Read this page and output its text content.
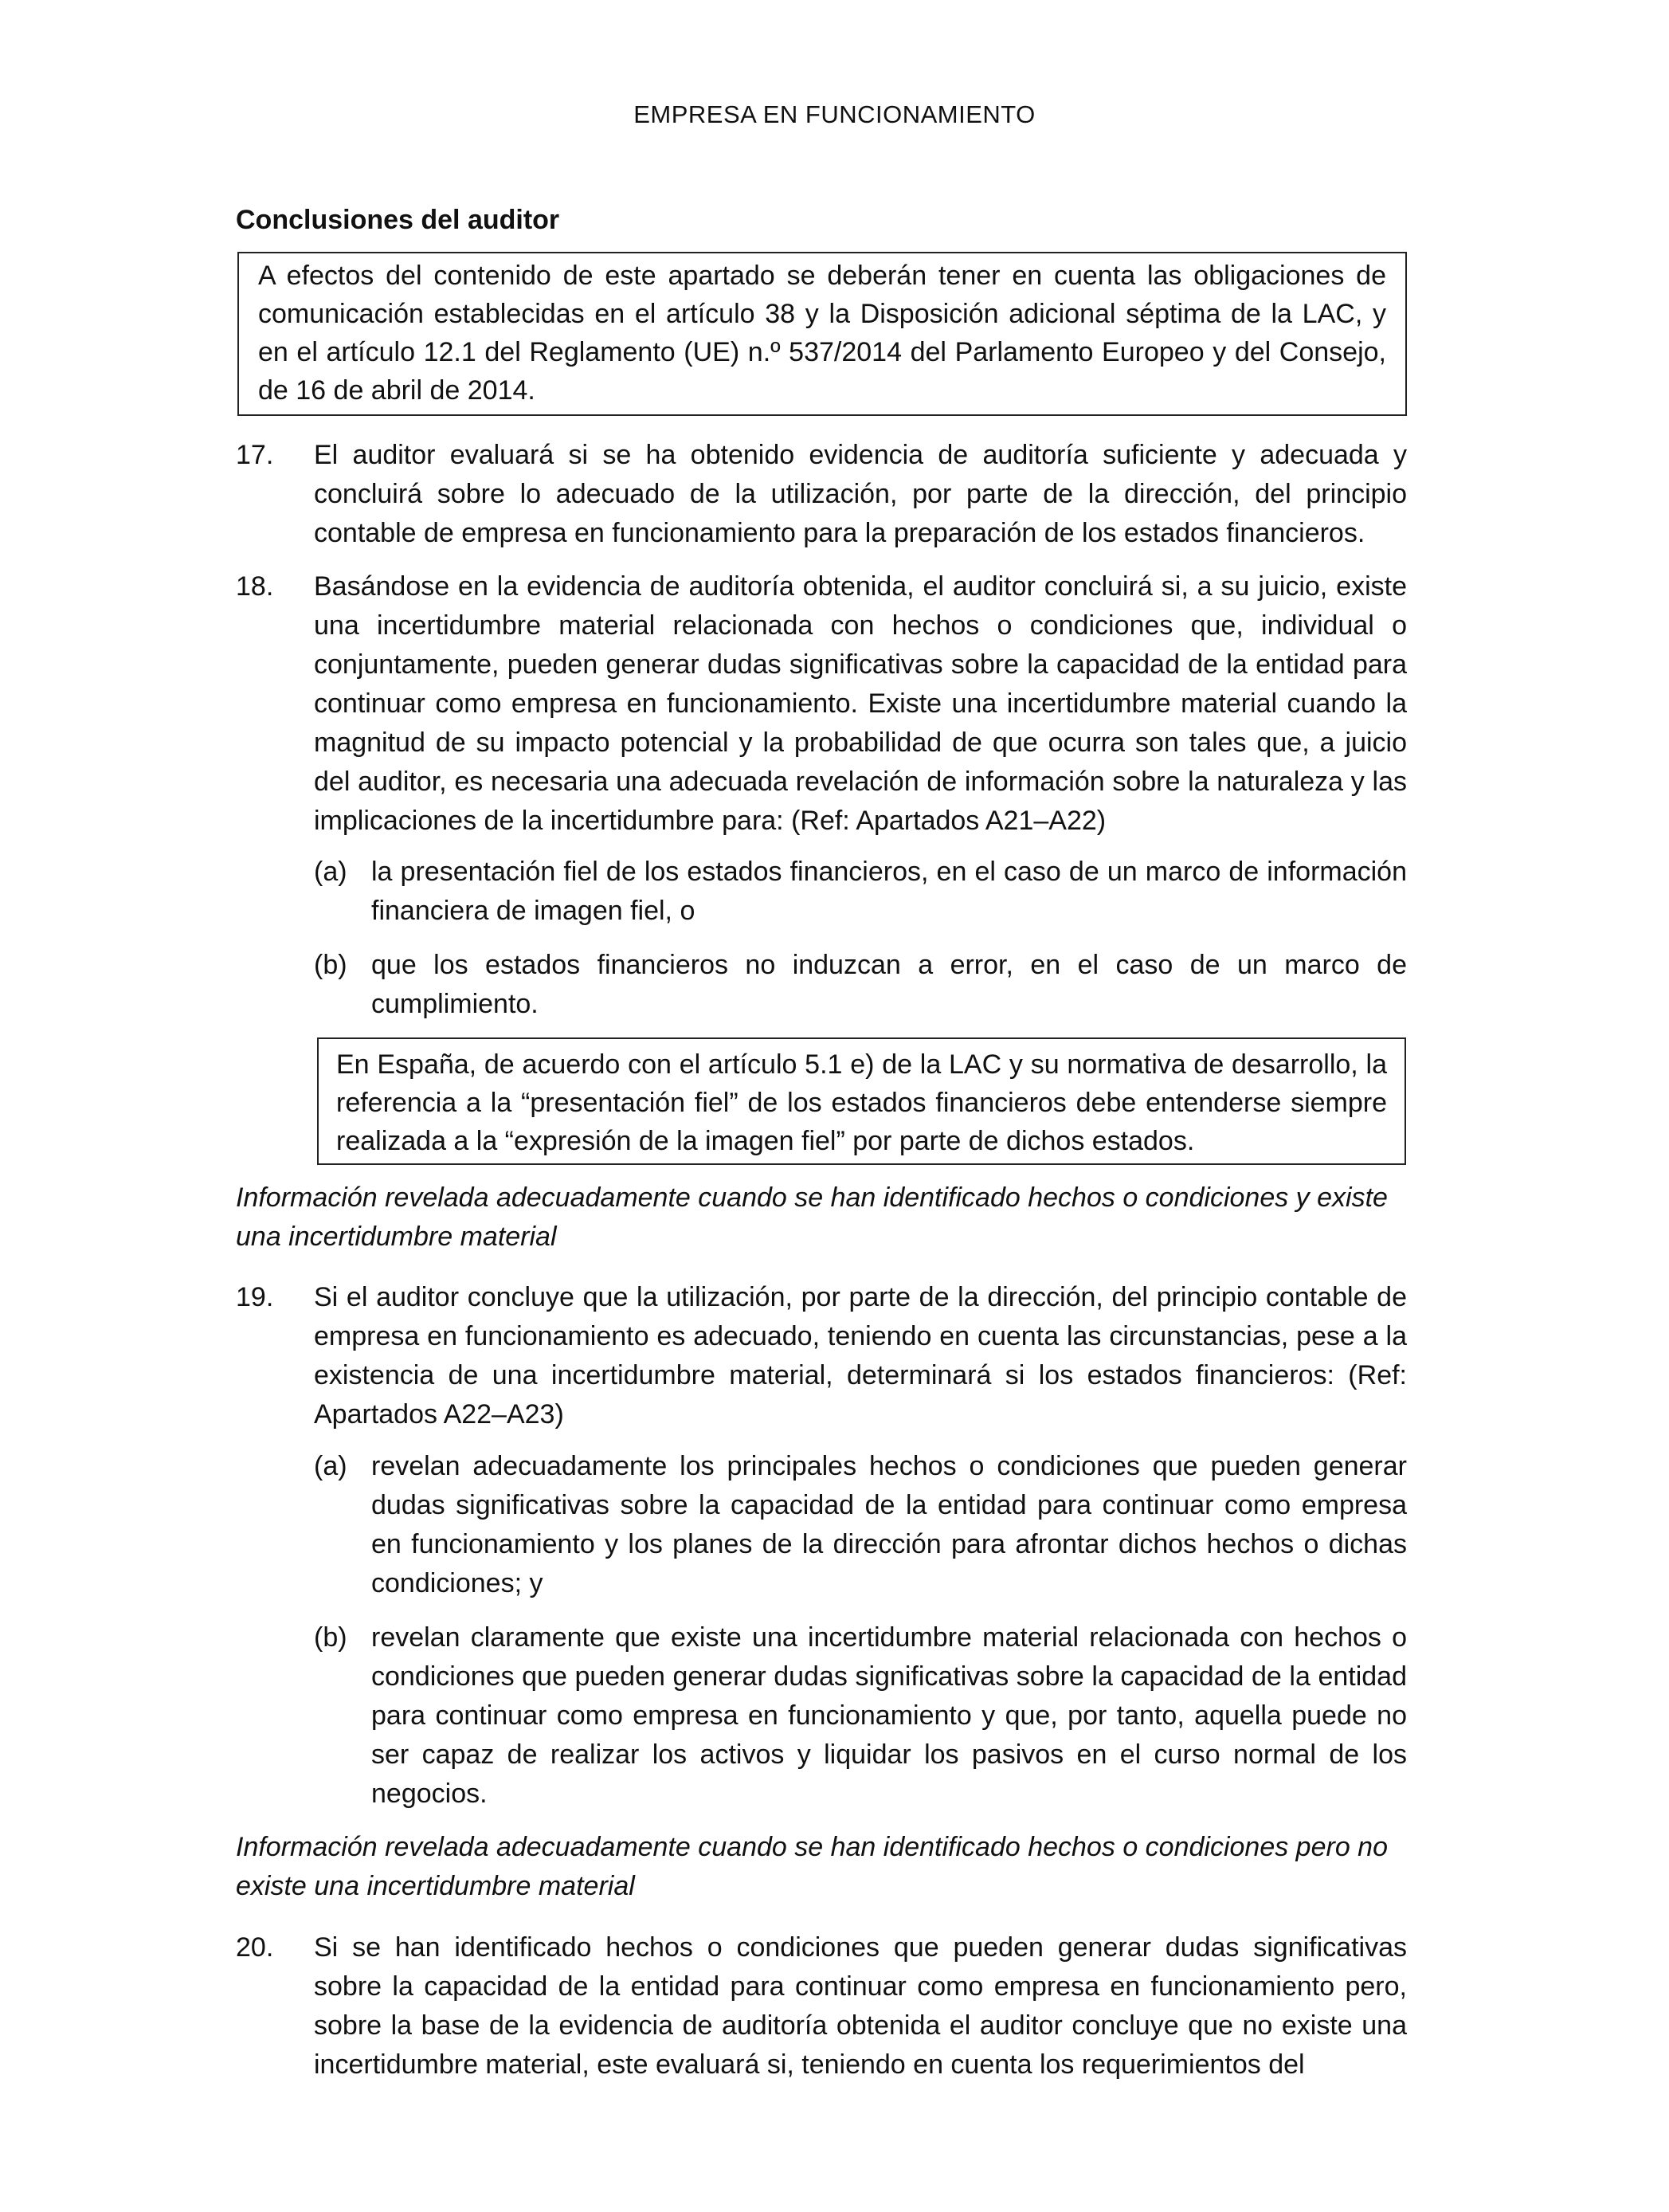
EMPRESA EN FUNCIONAMIENTO

Conclusiones del auditor

A efectos del contenido de este apartado se deberán tener en cuenta las obligaciones de comunicación establecidas en el artículo 38 y la Disposición adicional séptima de la LAC, y en el artículo 12.1 del Reglamento (UE) n.º 537/2014 del Parlamento Europeo y del Consejo, de 16 de abril de 2014.
17. El auditor evaluará si se ha obtenido evidencia de auditoría suficiente y adecuada y concluirá sobre lo adecuado de la utilización, por parte de la dirección, del principio contable de empresa en funcionamiento para la preparación de los estados financieros.
18. Basándose en la evidencia de auditoría obtenida, el auditor concluirá si, a su juicio, existe una incertidumbre material relacionada con hechos o condiciones que, individual o conjuntamente, pueden generar dudas significativas sobre la capacidad de la entidad para continuar como empresa en funcionamiento. Existe una incertidumbre material cuando la magnitud de su impacto potencial y la probabilidad de que ocurra son tales que, a juicio del auditor, es necesaria una adecuada revelación de información sobre la naturaleza y las implicaciones de la incertidumbre para: (Ref: Apartados A21‒A22)
(a) la presentación fiel de los estados financieros, en el caso de un marco de información financiera de imagen fiel, o
(b) que los estados financieros no induzcan a error, en el caso de un marco de cumplimiento.
En España, de acuerdo con el artículo 5.1 e) de la LAC y su normativa de desarrollo, la referencia a la “presentación fiel” de los estados financieros debe entenderse siempre realizada a la “expresión de la imagen fiel” por parte de dichos estados.

Información revelada adecuadamente cuando se han identificado hechos o condiciones y existe una incertidumbre material

19. Si el auditor concluye que la utilización, por parte de la dirección, del principio contable de empresa en funcionamiento es adecuado, teniendo en cuenta las circunstancias, pese a la existencia de una incertidumbre material, determinará si los estados financieros: (Ref: Apartados A22–A23)
(a) revelan adecuadamente los principales hechos o condiciones que pueden generar dudas significativas sobre la capacidad de la entidad para continuar como empresa en funcionamiento y los planes de la dirección para afrontar dichos hechos o dichas condiciones; y
(b) revelan claramente que existe una incertidumbre material relacionada con hechos o condiciones que pueden generar dudas significativas sobre la capacidad de la entidad para continuar como empresa en funcionamiento y que, por tanto, aquella puede no ser capaz de realizar los activos y liquidar los pasivos en el curso normal de los negocios.

Información revelada adecuadamente cuando se han identificado hechos o condiciones pero no existe una incertidumbre material

20. Si se han identificado hechos o condiciones que pueden generar dudas significativas sobre la capacidad de la entidad para continuar como empresa en funcionamiento pero, sobre la base de la evidencia de auditoría obtenida el auditor concluye que no existe una incertidumbre material, este evaluará si, teniendo en cuenta los requerimientos del
